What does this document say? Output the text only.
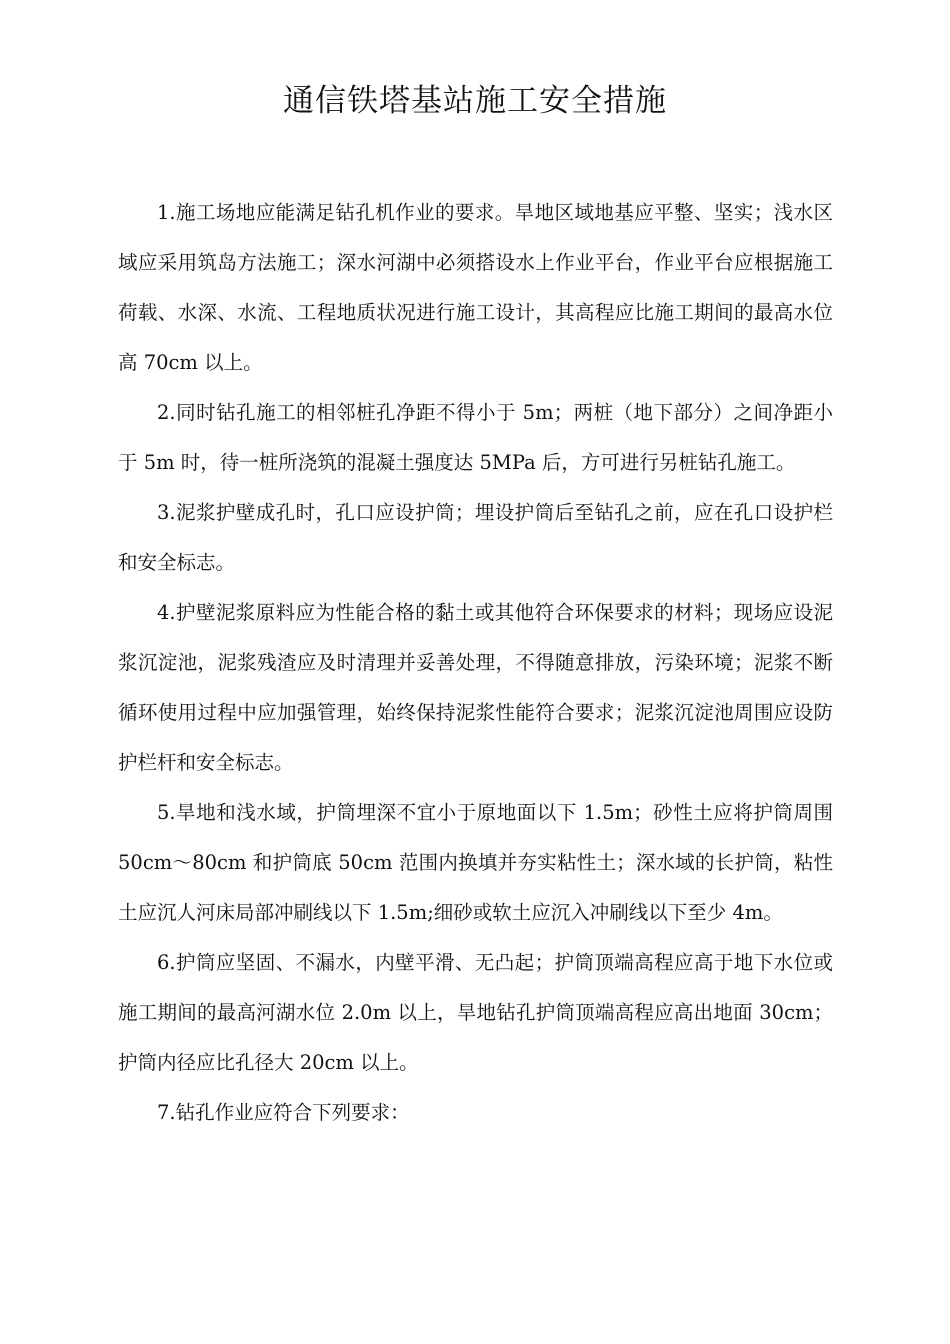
通信铁塔基站施工安全措施

1.施工场地应能满足钻孔机作业的要求。旱地区域地基应平整、坚实；浅水区域应采用筑岛方法施工；深水河湖中必须搭设水上作业平台，作业平台应根据施工荷载、水深、水流、工程地质状况进行施工设计，其高程应比施工期间的最高水位高 70cm 以上。

2.同时钻孔施工的相邻桩孔净距不得小于 5m；两桩（地下部分）之间净距小于 5m 时，待一桩所浇筑的混凝土强度达 5MPa 后，方可进行另桩钻孔施工。

3.泥浆护壁成孔时，孔口应设护筒；埋设护筒后至钻孔之前，应在孔口设护栏和安全标志。

4.护壁泥浆原料应为性能合格的黏土或其他符合环保要求的材料；现场应设泥浆沉淀池，泥浆残渣应及时清理并妥善处理，不得随意排放，污染环境；泥浆不断循环使用过程中应加强管理，始终保持泥浆性能符合要求；泥浆沉淀池周围应设防护栏杆和安全标志。

5.旱地和浅水域，护筒埋深不宜小于原地面以下 1.5m；砂性土应将护筒周围 50cm～80cm 和护筒底 50cm 范围内换填并夯实粘性土；深水域的长护筒，粘性土应沉人河床局部冲刷线以下 1.5m;细砂或软土应沉入冲刷线以下至少 4m。

6.护筒应坚固、不漏水，内壁平滑、无凸起；护筒顶端高程应高于地下水位或施工期间的最高河湖水位 2.0m 以上，旱地钻孔护筒顶端高程应高出地面 30cm；护筒内径应比孔径大 20cm 以上。

7.钻孔作业应符合下列要求：
